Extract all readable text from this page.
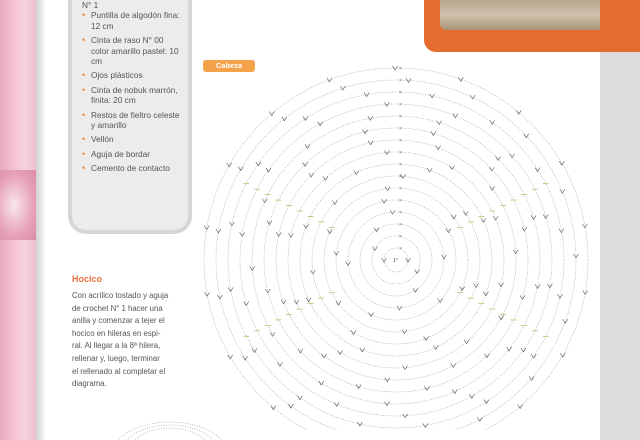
N° 1
• Puntilla de algodón fina: 12 cm
• Cinta de raso N° 00 color amarillo pastel: 10 cm
• Ojos plásticos
• Cinta de nobuk marrón, finita: 20 cm
• Restos de fieltro celeste y amarillo
• Vellón
• Aguja de bordar
• Cemento de contacto
Cabeza
Hocico
Con acrílico tostado y aguja
de crochet N° 1 hacer una
anilla y comenzar a tejer el
hocico en hileras en espi-
ral. Al llegar a la 8ª hilera,
rellenar y, luego, terminar
el rellenado al completar el
diagrama.
×
×
×
×
×
×
×
×
×
×
×
×
×
×
×
×
1°
